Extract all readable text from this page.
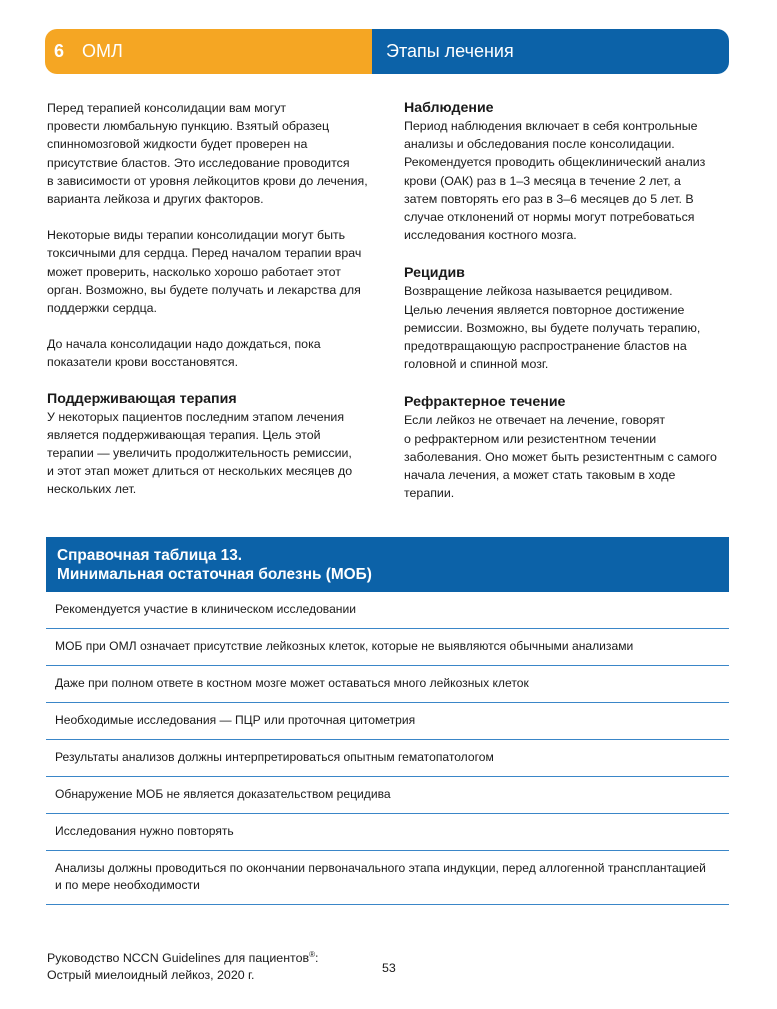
6 ОМЛ	Этапы лечения

Перед терапией консолидации вам могут
провести люмбальную пункцию. Взятый образец
спинномозговой жидкости будет проверен на
присутствие бластов. Это исследование проводится
в зависимости от уровня лейкоцитов крови до лечения,
варианта лейкоза и других факторов.

Некоторые виды терапии консолидации могут быть
токсичными для сердца. Перед началом терапии врач
может проверить, насколько хорошо работает этот
орган. Возможно, вы будете получать и лекарства для
поддержки сердца.

До начала консолидации надо дождаться, пока
показатели крови восстановятся.

Поддерживающая терапия

У некоторых пациентов последним этапом лечения
является поддерживающая терапия. Цель этой
терапии — увеличить продолжительность ремиссии,
и этот этап может длиться от нескольких месяцев до
нескольких лет.

Наблюдение

Период наблюдения включает в себя контрольные
анализы и обследования после консолидации.
Рекомендуется проводить общеклинический анализ
крови (ОАК) раз в 1–3 месяца в течение 2 лет, а
затем повторять его раз в 3–6 месяцев до 5 лет. В
случае отклонений от нормы могут потребоваться
исследования костного мозга.

Рецидив

Возвращение лейкоза называется рецидивом.
Целью лечения является повторное достижение
ремиссии. Возможно, вы будете получать терапию,
предотвращающую распространение бластов на
головной и спинной мозг.

Рефрактерное течение

Если лейкоз не отвечает на лечение, говорят
о рефрактерном или резистентном течении
заболевания. Оно может быть резистентным с самого
начала лечения, а может стать таковым в ходе
терапии.

Справочная таблица 13.
Минимальная остаточная болезнь (МОБ)
Рекомендуется участие в клиническом исследовании
МОБ при ОМЛ означает присутствие лейкозных клеток, которые не выявляются обычными анализами
Даже при полном ответе в костном мозге может оставаться много лейкозных клеток
Необходимые исследования — ПЦР или проточная цитометрия
Результаты анализов должны интерпретироваться опытным гематопатологом
Обнаружение МОБ не является доказательством рецидива
Исследования нужно повторять
Анализы должны проводиться по окончании первоначального этапа индукции, перед аллогенной трансплантацией
и по мере необходимости
Руководство NCCN Guidelines для пациентов®:
Острый миелоидный лейкоз, 2020 г.	53
